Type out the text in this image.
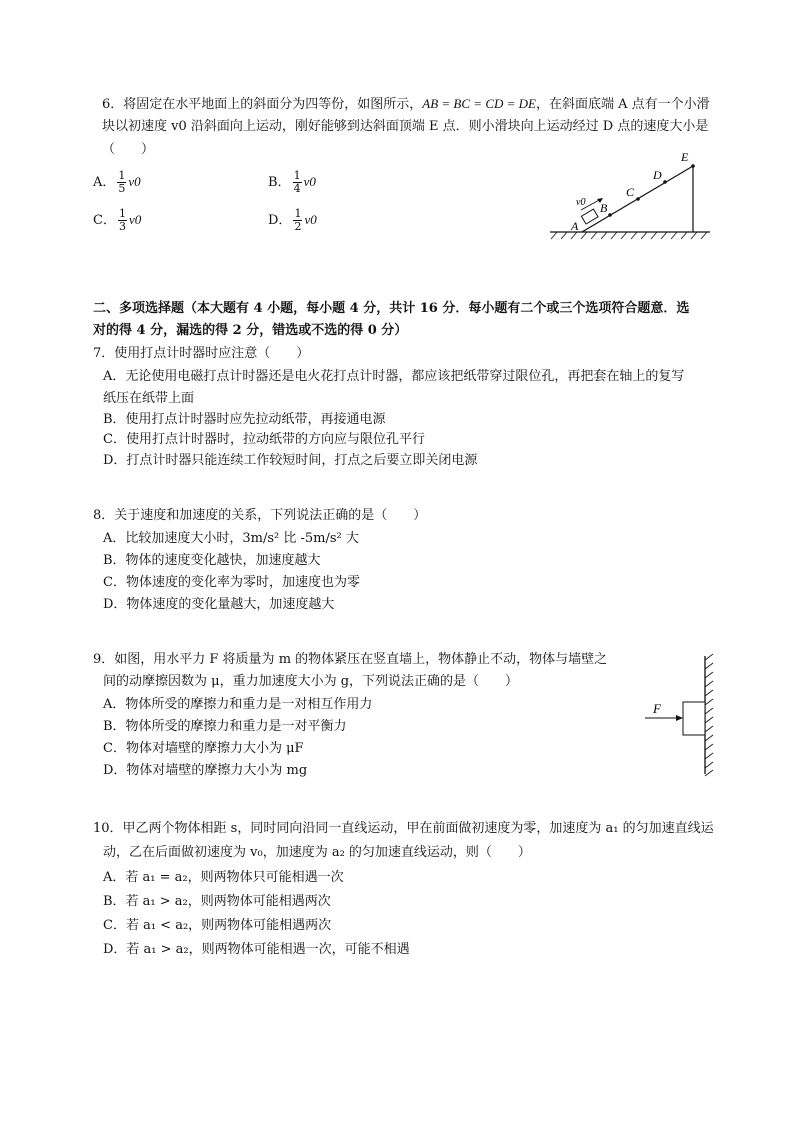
6．将固定在水平地面上的斜面分为四等份，如图所示，AB = BC = CD = DE，在斜面底端 A 点有一个小滑
块以初速度 v0 沿斜面向上运动，刚好能够到达斜面顶端 E 点．则小滑块向上运动经过 D 点的速度大小是
（　　）
A． $\frac{1}{5} v0$	B． $\frac{1}{4} v0$
C． $\frac{1}{3} v0$	D． $\frac{1}{2} v0$	A
B
C
D
E
v0
二、多项选择题（本大题有 4 小题，每小题 4 分，共计 16 分．每小题有二个或三个选项符合题意．选
对的得 4 分，漏选的得 2 分，错选或不选的得 0 分）
7．使用打点计时器时应注意（　　）
A．无论使用电磁打点计时器还是电火花打点计时器，都应该把纸带穿过限位孔，再把套在轴上的复写
纸压在纸带上面
B．使用打点计时器时应先拉动纸带，再接通电源
C．使用打点计时器时，拉动纸带的方向应与限位孔平行
D．打点计时器只能连续工作较短时间，打点之后要立即关闭电源
8．关于速度和加速度的关系，下列说法正确的是（　　）
A．比较加速度大小时，3m/s² 比 -5m/s² 大
B．物体的速度变化越快，加速度越大
C．物体速度的变化率为零时，加速度也为零
D．物体速度的变化量越大，加速度越大
9．如图，用水平力 F 将质量为 m 的物体紧压在竖直墙上，物体静止不动，物体与墙壁之
间的动摩擦因数为 μ，重力加速度大小为 g，下列说法正确的是（　　）
A．物体所受的摩擦力和重力是一对相互作用力
B．物体所受的摩擦力和重力是一对平衡力
C．物体对墙壁的摩擦力大小为 μF
D．物体对墙壁的摩擦力大小为 mg
F
10．甲乙两个物体相距 s，同时同向沿同一直线运动，甲在前面做初速度为零，加速度为 a₁ 的匀加速直线运
动，乙在后面做初速度为 v₀，加速度为 a₂ 的匀加速直线运动，则（　　）
A．若 a₁ = a₂，则两物体只可能相遇一次
B．若 a₁ > a₂，则两物体可能相遇两次
C．若 a₁ < a₂，则两物体可能相遇两次
D．若 a₁ > a₂，则两物体可能相遇一次，可能不相遇
